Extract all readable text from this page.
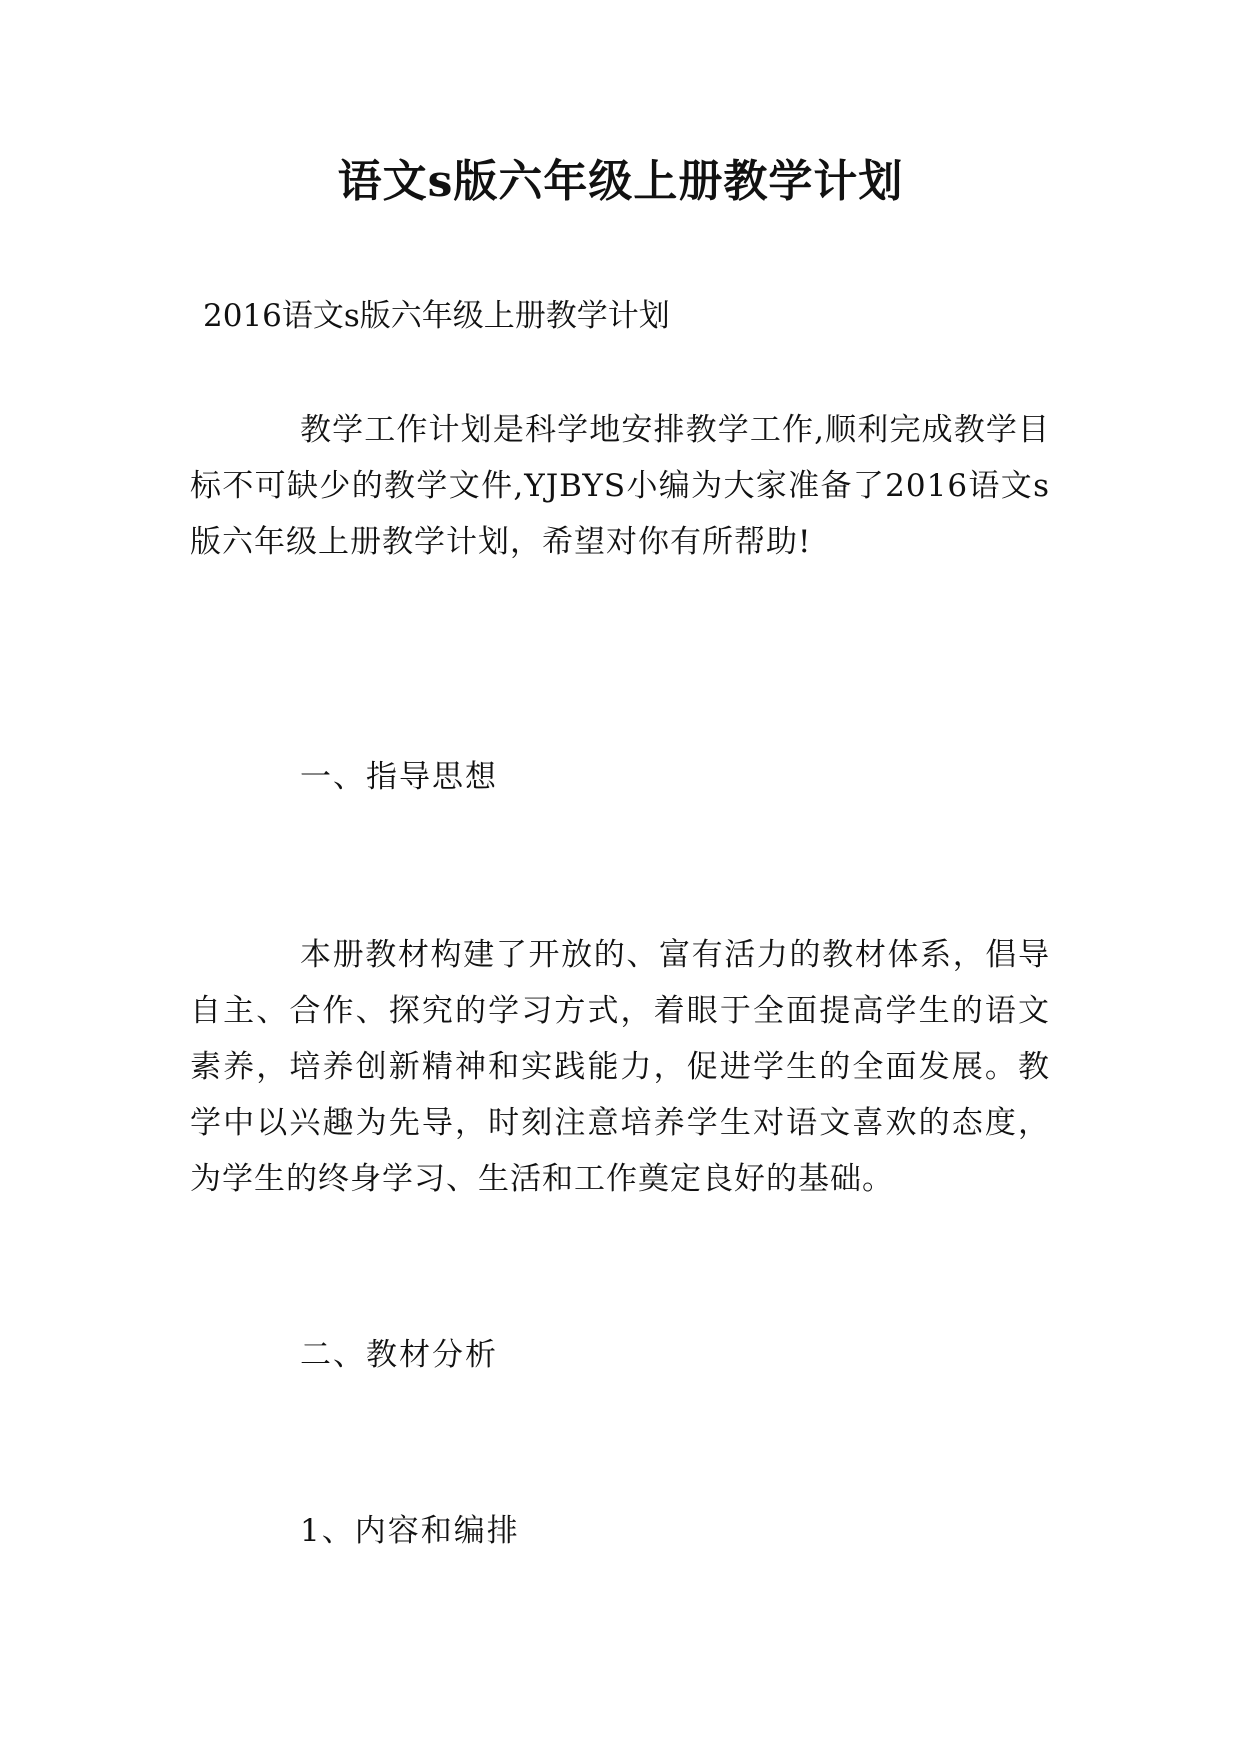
语文s版六年级上册教学计划

2016语文s版六年级上册教学计划

教学工作计划是科学地安排教学工作,顺利完成教学目标不可缺少的教学文件,YJBYS小编为大家准备了2016语文s版六年级上册教学计划，希望对你有所帮助!

一、指导思想

本册教材构建了开放的、富有活力的教材体系，倡导自主、合作、探究的学习方式，着眼于全面提高学生的语文素养，培养创新精神和实践能力，促进学生的全面发展。教学中以兴趣为先导，时刻注意培养学生对语文喜欢的态度，为学生的终身学习、生活和工作奠定良好的基础。

二、教材分析

1、内容和编排
